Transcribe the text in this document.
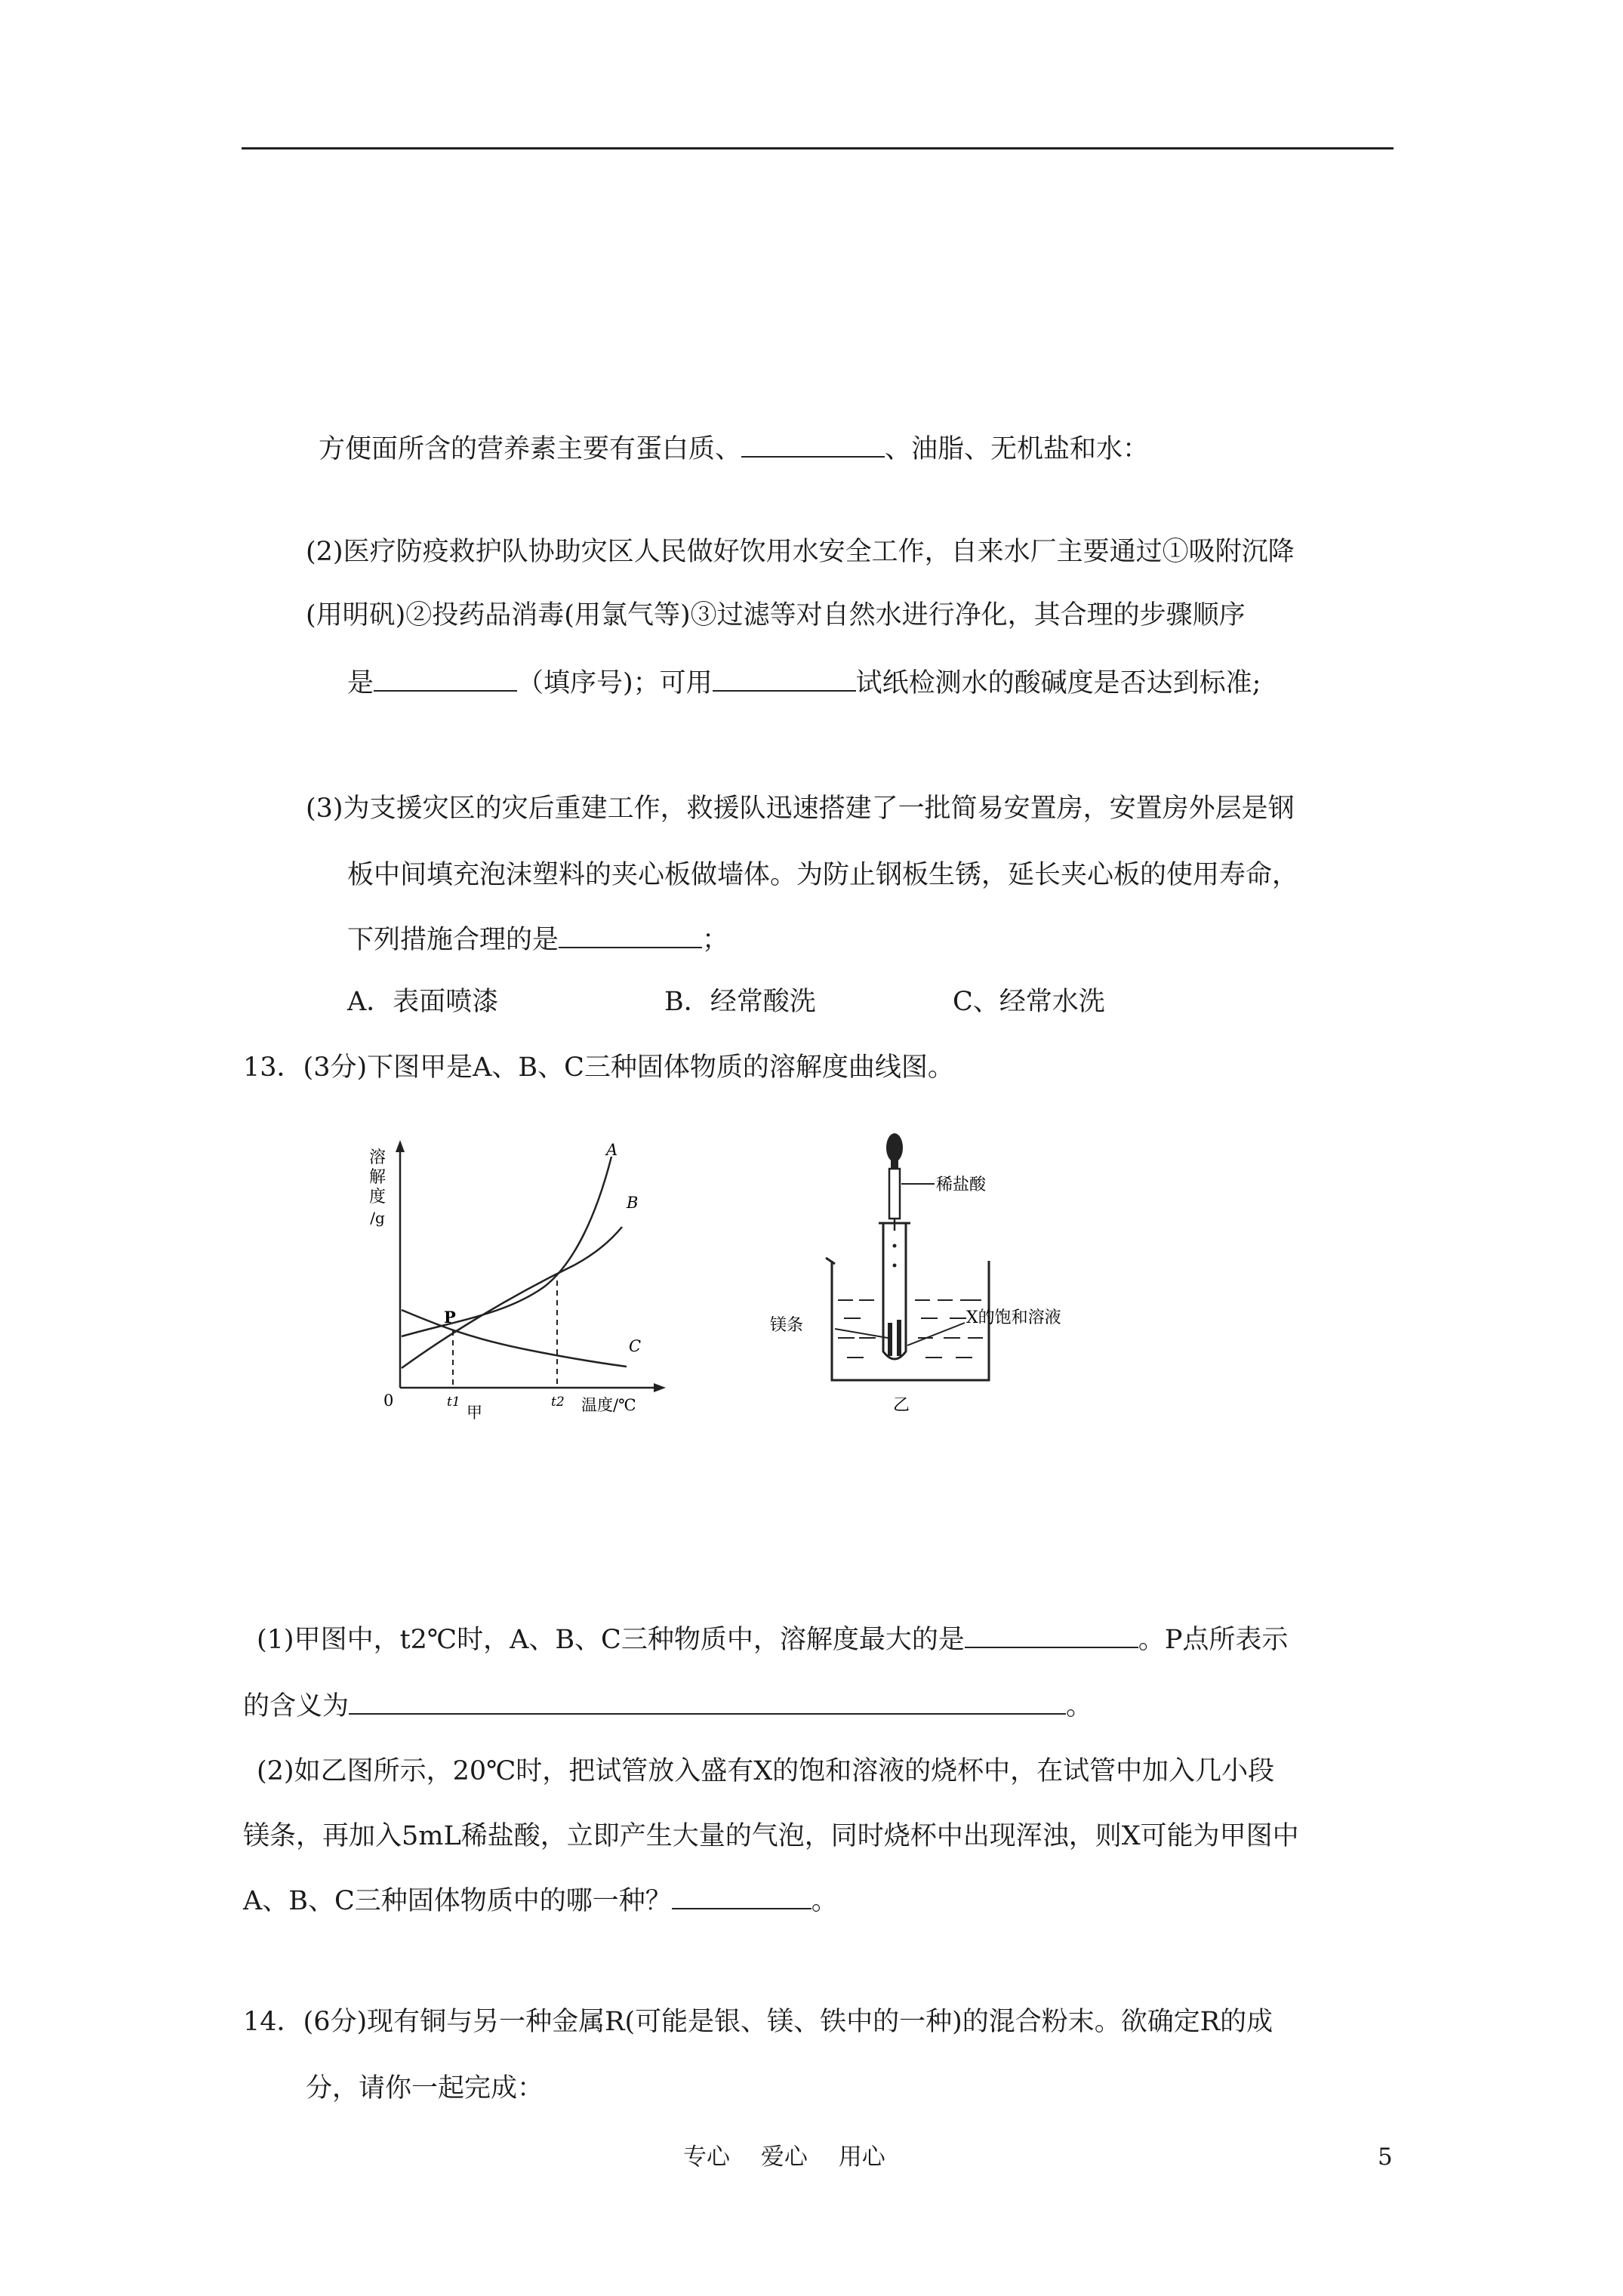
方便面所含的营养素主要有蛋白质、	、油脂、无机盐和水：
(2)医疗防疫救护队协助灾区人民做好饮用水安全工作，自来水厂主要通过①吸附沉降
(用明矾)②投药品消毒(用氯气等)③过滤等对自然水进行净化，其合理的步骤顺序
是	（填序号)；可用	试纸检测水的酸碱度是否达到标准;
(3)为支援灾区的灾后重建工作，救援队迅速搭建了一批简易安置房，安置房外层是钢
板中间填充泡沫塑料的夹心板做墙体。为防止钢板生锈，延长夹心板的使用寿命，
下列措施合理的是	；
A．表面喷漆	B．经常酸洗	C、经常水洗
13．(3分)下图甲是A、B、C三种固体物质的溶解度曲线图。
溶
解
度
/g
A
B
C
P
0	t1	t2 温度/℃
甲
稀盐酸
镁条	X的饱和溶液
乙
(1)甲图中，t2℃时，A、B、C三种物质中，溶解度最大的是	。P点所表示
的含义为	。
(2)如乙图所示，20℃时，把试管放入盛有X的饱和溶液的烧杯中，在试管中加入几小段
镁条，再加入5mL稀盐酸，立即产生大量的气泡，同时烧杯中出现浑浊，则X可能为甲图中
A、B、C三种固体物质中的哪一种？	。
14．(6分)现有铜与另一种金属R(可能是银、镁、铁中的一种)的混合粉末。欲确定R的成
分，请你一起完成：
专心　 爱心　 用心	5
